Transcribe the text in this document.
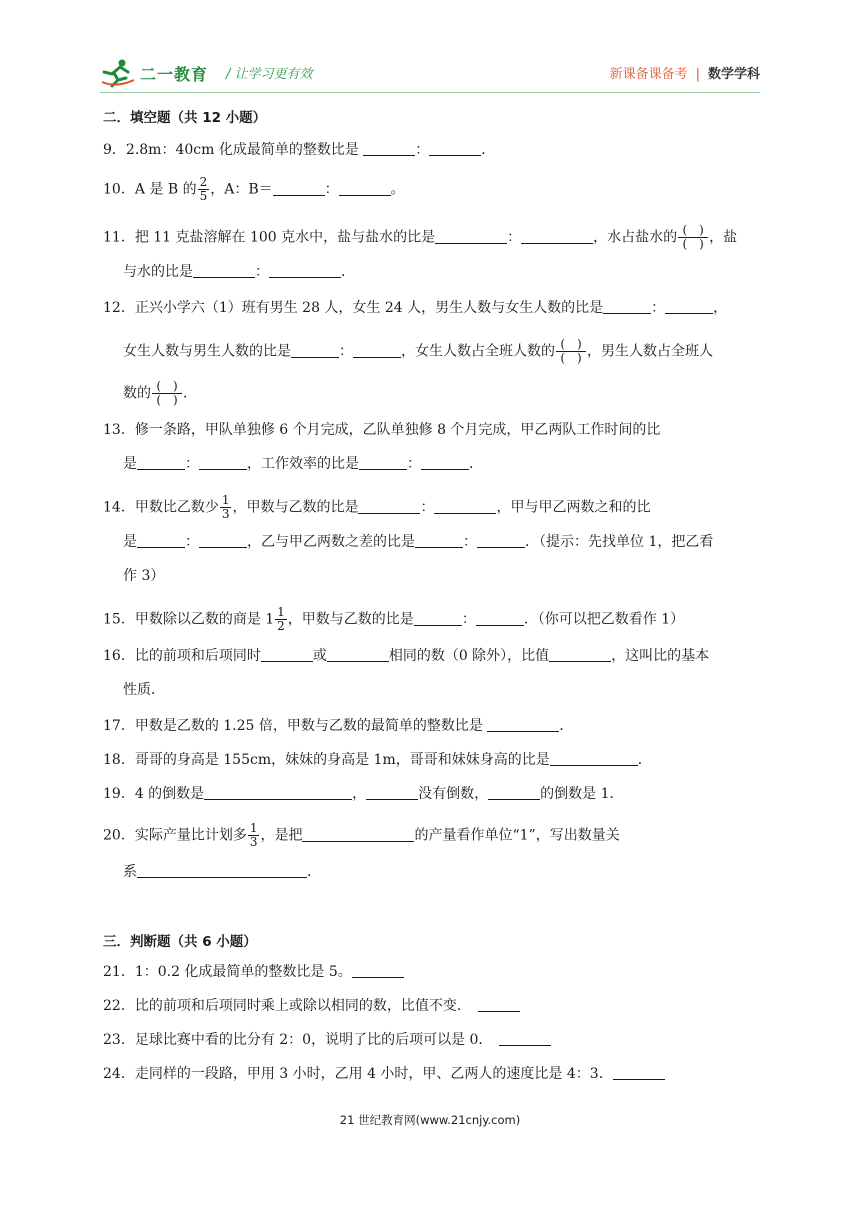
二一教育 / 让学习更有效	新课备课备考 | 数学学科
二．填空题（共 12 小题）
9．2.8m：40cm 化成最简单的整数比是	：	．
10．A 是 B 的 $\frac{2}{5}$ ，A：B＝	：	。
11．把 11 克盐溶解在 100 克水中，盐与盐水的比是	：	，水占盐水的 $\frac{( )}{( )}$ ，盐
与水的比是	：	．
12．正兴小学六（1）班有男生 28 人，女生 24 人，男生人数与女生人数的比是	：	，
女生人数与男生人数的比是	：	，女生人数占全班人数的 $\frac{( )}{( )}$ ，男生人数占全班人
数的 $\frac{( )}{( )}$ ．
13．修一条路，甲队单独修 6 个月完成，乙队单独修 8 个月完成，甲乙两队工作时间的比
是	：	，工作效率的比是	：	．
14．甲数比乙数少 $\frac{1}{3}$ ，甲数与乙数的比是	：	，甲与甲乙两数之和的比
是	：	，乙与甲乙两数之差的比是	：	．（提示：先找单位 1，把乙看
作 3）
15．甲数除以乙数的商是 $1 \frac{1}{2}$ ，甲数与乙数的比是	：	．（你可以把乙数看作 1）
16．比的前项和后项同时	或	相同的数（0 除外），比值	，这叫比的基本
性质．
17．甲数是乙数的 1.25 倍，甲数与乙数的最简单的整数比是	．
18．哥哥的身高是 155cm，妹妹的身高是 1m，哥哥和妹妹身高的比是	．
19．4 的倒数是	，	没有倒数，	的倒数是 1．
20．实际产量比计划多 $\frac{1}{3}$ ，是把	的产量看作单位“1”，写出数量关
系	．
三．判断题（共 6 小题）
21．1：0.2 化成最简单的整数比是 5。
22．比的前项和后项同时乘上或除以相同的数，比值不变．　
23．足球比赛中看的比分有 2：0，说明了比的后项可以是 0．　
24．走同样的一段路，甲用 3 小时，乙用 4 小时，甲、乙两人的速度比是 4：3．
21 世纪教育网(www.21cnjy.com)
